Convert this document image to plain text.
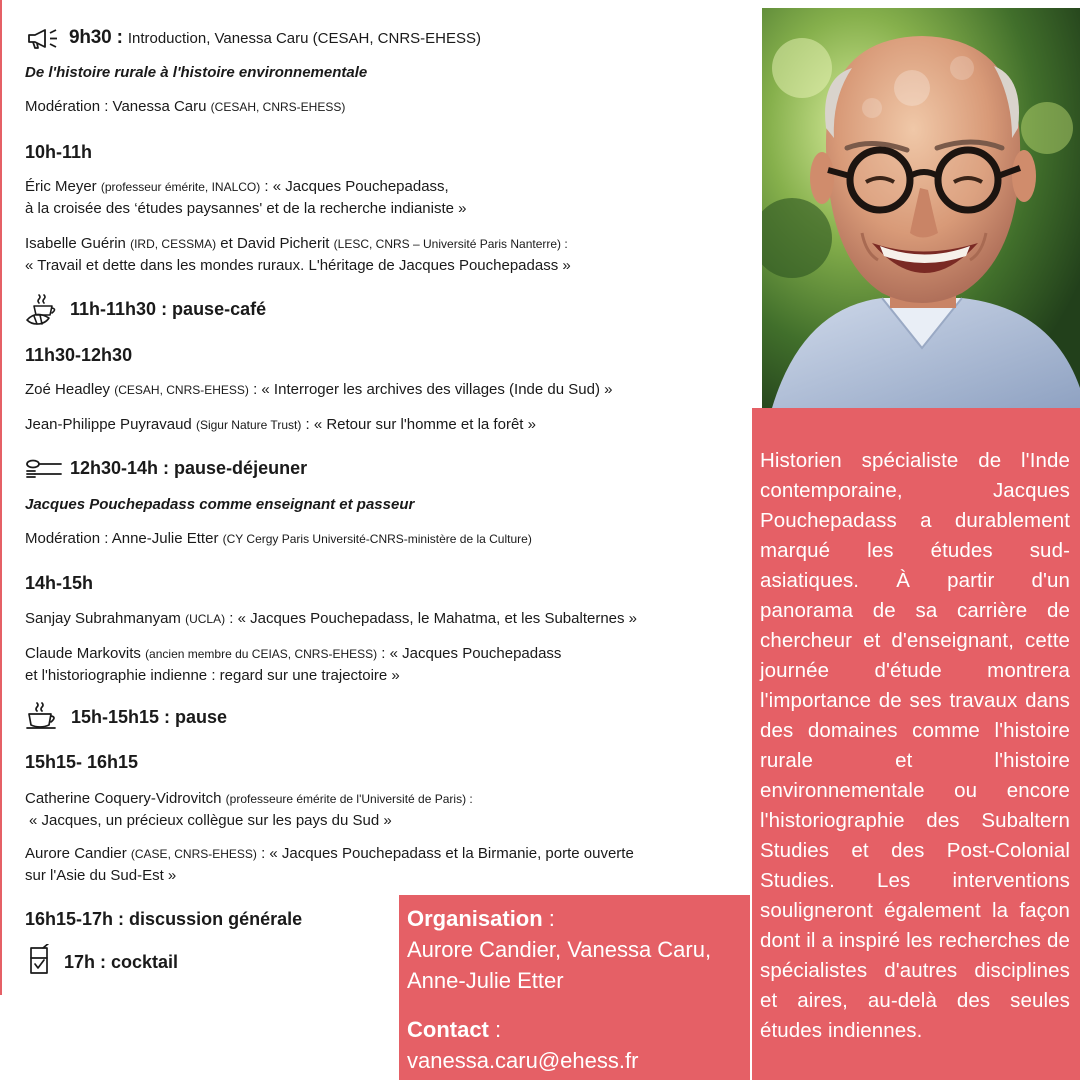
9h30 : Introduction, Vanessa Caru (CESAH, CNRS-EHESS)
De l'histoire rurale à l'histoire environnementale
Modération : Vanessa Caru (CESAH, CNRS-EHESS)
10h-11h
Éric Meyer (professeur émérite, INALCO) : « Jacques Pouchepadass,
à la croisée des ‘études paysannes' et de la recherche indianiste »
Isabelle Guérin (IRD, CESSMA) et David Picherit (LESC, CNRS – Université Paris Nanterre) :
« Travail et dette dans les mondes ruraux. L'héritage de Jacques Pouchepadass »
11h-11h30 : pause-café
11h30-12h30
Zoé Headley (CESAH, CNRS-EHESS) : « Interroger les archives des villages (Inde du Sud) »
Jean-Philippe Puyravaud (Sigur Nature Trust) : « Retour sur l'homme et la forêt »
12h30-14h : pause-déjeuner
Jacques Pouchepadass comme enseignant et passeur
Modération : Anne-Julie Etter (CY Cergy Paris Université-CNRS-ministère de la Culture)
14h-15h
Sanjay Subrahmanyam (UCLA) : « Jacques Pouchepadass, le Mahatma, et les Subalternes »
Claude Markovits (ancien membre du CEIAS, CNRS-EHESS) : « Jacques Pouchepadass
et l'historiographie indienne : regard sur une trajectoire »
15h-15h15 : pause
15h15- 16h15
Catherine Coquery-Vidrovitch (professeure émérite de l'Université de Paris) :
« Jacques, un précieux collègue sur les pays du Sud »
Aurore Candier (CASE, CNRS-EHESS) : « Jacques Pouchepadass et la Birmanie, porte ouverte
sur l'Asie du Sud-Est »
16h15-17h : discussion générale
17h : cocktail
Historien spécialiste de l'Inde contemporaine, Jacques Pouchepadass a durablement marqué les études sud-asiatiques. À partir d'un panorama de sa carrière de chercheur et d'enseignant, cette journée d'étude montrera l'importance de ses travaux dans des domaines comme l'histoire rurale et l'histoire environnementale ou encore l'historiographie des Subaltern Studies et des Post-Colonial Studies. Les interventions souligneront également la façon dont il a inspiré les recherches de spécialistes d'autres disciplines et aires, au-delà des seules études indiennes.
Organisation :
Aurore Candier, Vanessa Caru,
Anne-Julie Etter
Contact :
vanessa.caru@ehess.fr
